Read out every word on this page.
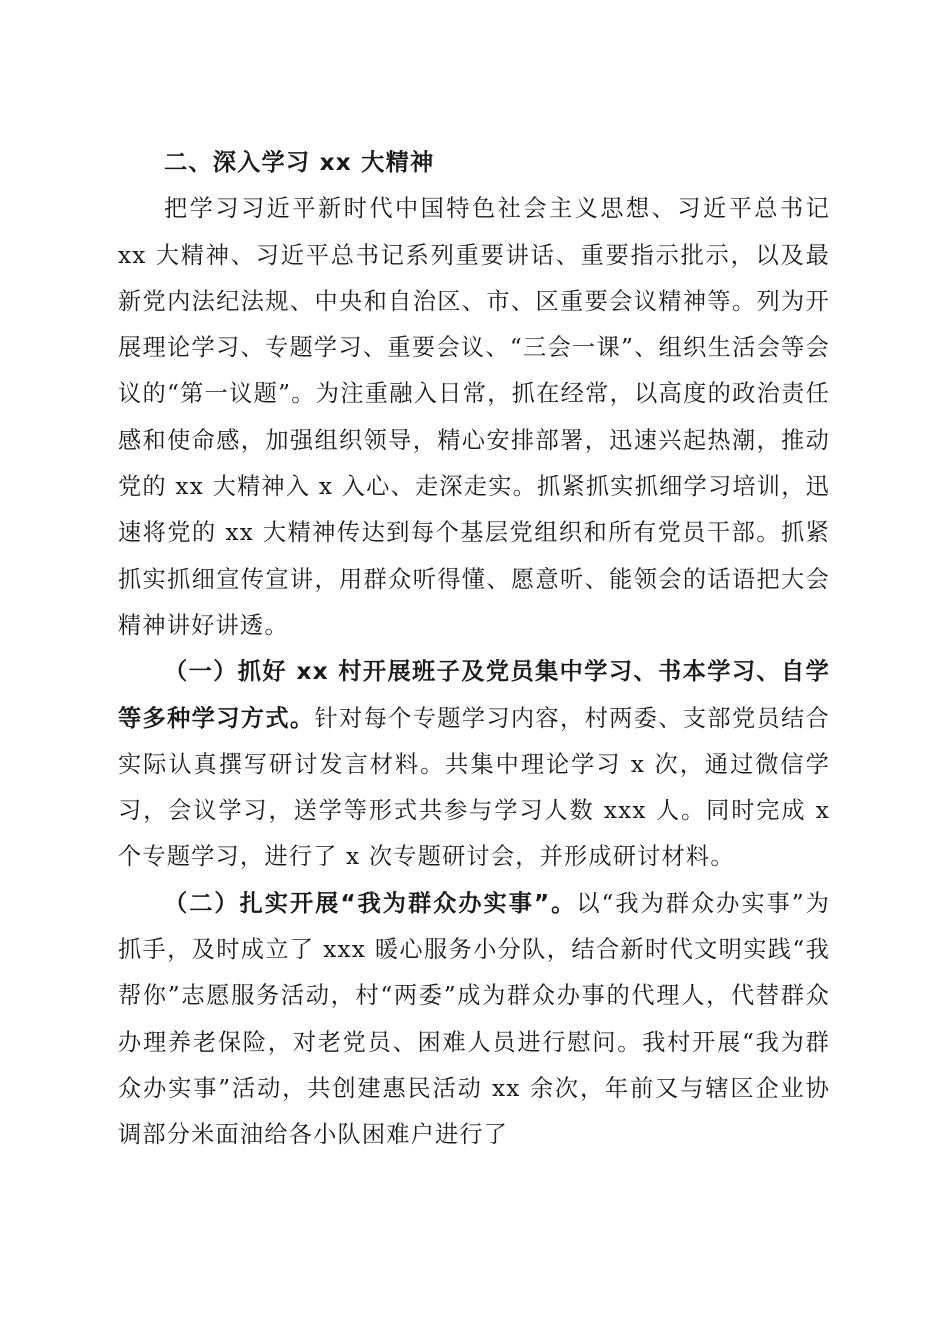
二、深入学习 xx 大精神

把学习习近平新时代中国特色社会主义思想、习近平总书记 xx 大精神、习近平总书记系列重要讲话、重要指示批示，以及最新党内法纪法规、中央和自治区、市、区重要会议精神等。列为开展理论学习、专题学习、重要会议、“三会一课”、组织生活会等会议的“第一议题”。为注重融入日常，抓在经常，以高度的政治责任感和使命感，加强组织领导，精心安排部署，迅速兴起热潮，推动党的 xx 大精神入 x 入心、走深走实。抓紧抓实抓细学习培训，迅速将党的 xx 大精神传达到每个基层党组织和所有党员干部。抓紧抓实抓细宣传宣讲，用群众听得懂、愿意听、能领会的话语把大会精神讲好讲透。

（一）抓好 xx 村开展班子及党员集中学习、书本学习、自学等多种学习方式。针对每个专题学习内容，村两委、支部党员结合实际认真撰写研讨发言材料。共集中理论学习 x 次，通过微信学习，会议学习，送学等形式共参与学习人数 xxx 人。同时完成 x 个专题学习，进行了 x 次专题研讨会，并形成研讨材料。

（二）扎实开展“我为群众办实事”。以“我为群众办实事”为抓手，及时成立了 xxx 暖心服务小分队，结合新时代文明实践“我帮你”志愿服务活动，村“两委”成为群众办事的代理人，代替群众办理养老保险，对老党员、困难人员进行慰问。我村开展“我为群众办实事”活动，共创建惠民活动 xx 余次，年前又与辖区企业协调部分米面油给各小队困难户进行了
